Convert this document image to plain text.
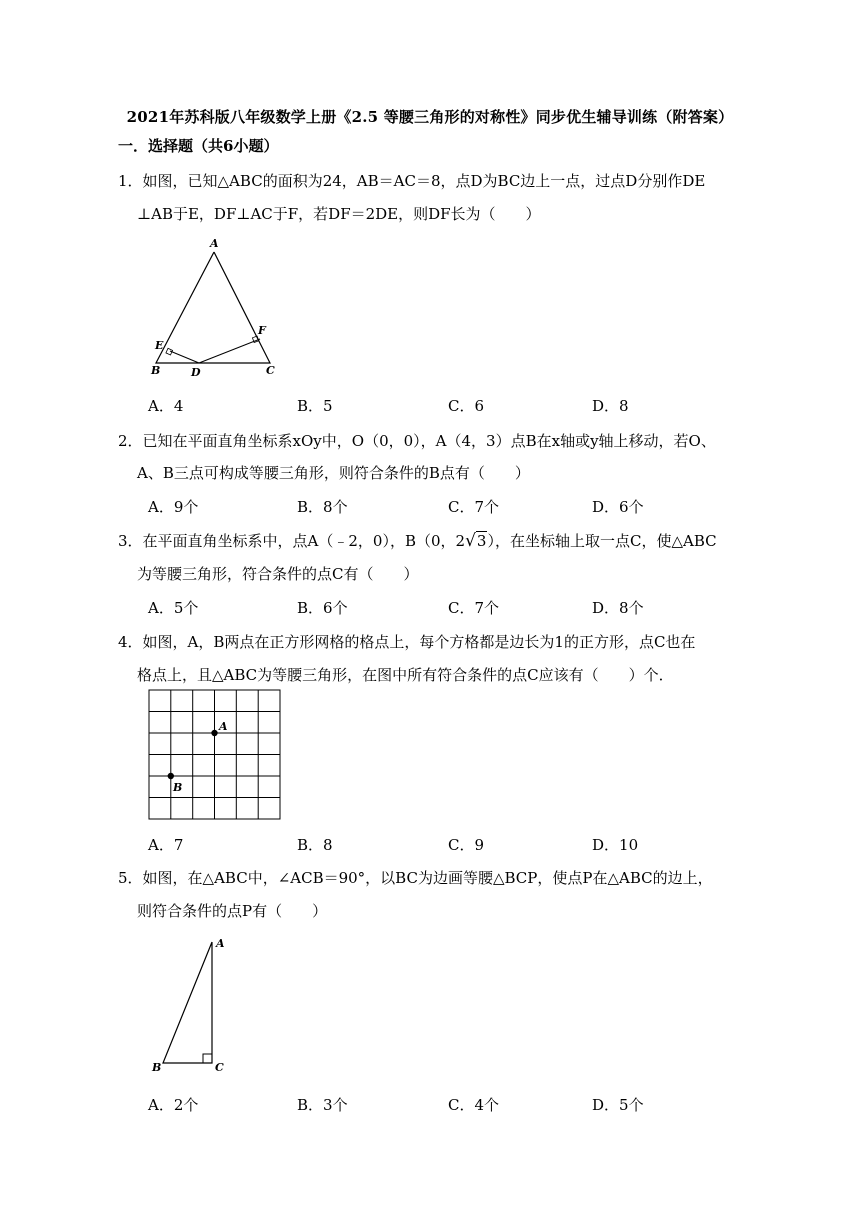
2021年苏科版八年级数学上册《2.5 等腰三角形的对称性》同步优生辅导训练（附答案）
一．选择题（共6小题）
1．如图，已知△ABC的面积为24，AB＝AC＝8，点D为BC边上一点，过点D分别作DE
⊥AB于E，DF⊥AC于F，若DF＝2DE，则DF长为（　　）
A
E
F
B	D	C
A．4	B．5	C．6	D．8
2．已知在平面直角坐标系xOy中，O（0，0），A（4，3）点B在x轴或y轴上移动，若O、
A、B三点可构成等腰三角形，则符合条件的B点有（　　）
A．9个	B．8个	C．7个	D．6个
3．在平面直角坐标系中，点A（﹣2，0），B（0，2√3），在坐标轴上取一点C，使△ABC
为等腰三角形，符合条件的点C有（　　）
A．5个	B．6个	C．7个	D．8个
4．如图，A，B两点在正方形网格的格点上，每个方格都是边长为1的正方形，点C也在
格点上，且△ABC为等腰三角形，在图中所有符合条件的点C应该有（　　）个．
A
B
A．7	B．8	C．9	D．10
5．如图，在△ABC中，∠ACB＝90°，以BC为边画等腰△BCP，使点P在△ABC的边上，
则符合条件的点P有（　　）
A
B	C
A．2个	B．3个	C．4个	D．5个
